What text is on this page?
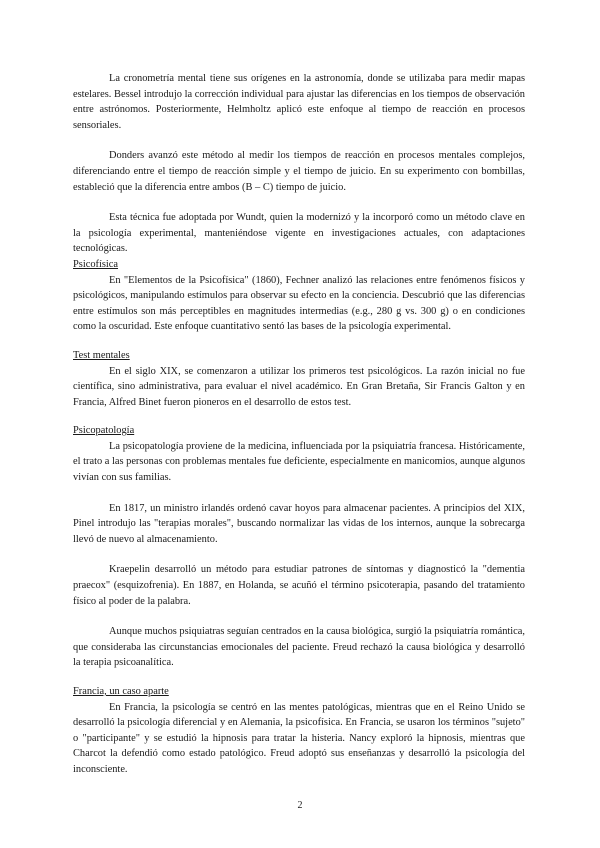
La cronometría mental tiene sus orígenes en la astronomía, donde se utilizaba para medir mapas estelares. Bessel introdujo la corrección individual para ajustar las diferencias en los tiempos de observación entre astrónomos. Posteriormente, Helmholtz aplicó este enfoque al tiempo de reacción en procesos sensoriales.

Donders avanzó este método al medir los tiempos de reacción en procesos mentales complejos, diferenciando entre el tiempo de reacción simple y el tiempo de juicio. En su experimento con bombillas, estableció que la diferencia entre ambos (B – C) tiempo de juicio.

Esta técnica fue adoptada por Wundt, quien la modernizó y la incorporó como un método clave en la psicología experimental, manteniéndose vigente en investigaciones actuales, con adaptaciones tecnológicas.

Psicofísica

En "Elementos de la Psicofísica" (1860), Fechner analizó las relaciones entre fenómenos físicos y psicológicos, manipulando estímulos para observar su efecto en la conciencia. Descubrió que las diferencias entre estímulos son más perceptibles en magnitudes intermedias (e.g., 280 g vs. 300 g) o en condiciones como la oscuridad. Este enfoque cuantitativo sentó las bases de la psicología experimental.

Test mentales

En el siglo XIX, se comenzaron a utilizar los primeros test psicológicos. La razón inicial no fue científica, sino administrativa, para evaluar el nivel académico. En Gran Bretaña, Sir Francis Galton y en Francia, Alfred Binet fueron pioneros en el desarrollo de estos test.

Psicopatología

La psicopatología proviene de la medicina, influenciada por la psiquiatría francesa. Históricamente, el trato a las personas con problemas mentales fue deficiente, especialmente en manicomios, aunque algunos vivían con sus familias.

En 1817, un ministro irlandés ordenó cavar hoyos para almacenar pacientes. A principios del XIX, Pinel introdujo las "terapias morales", buscando normalizar las vidas de los internos, aunque la sobrecarga llevó de nuevo al almacenamiento.

Kraepelin desarrolló un método para estudiar patrones de síntomas y diagnosticó la "dementia praecox" (esquizofrenia). En 1887, en Holanda, se acuñó el término psicoterapia, pasando del tratamiento físico al poder de la palabra.

Aunque muchos psiquiatras seguían centrados en la causa biológica, surgió la psiquiatría romántica, que consideraba las circunstancias emocionales del paciente. Freud rechazó la causa biológica y desarrolló la terapia psicoanalítica.

Francia, un caso aparte

En Francia, la psicología se centró en las mentes patológicas, mientras que en el Reino Unido se desarrolló la psicología diferencial y en Alemania, la psicofísica. En Francia, se usaron los términos "sujeto" o "participante" y se estudió la hipnosis para tratar la histeria. Nancy exploró la hipnosis, mientras que Charcot la defendió como estado patológico. Freud adoptó sus enseñanzas y desarrolló la psicología del inconsciente.

2
